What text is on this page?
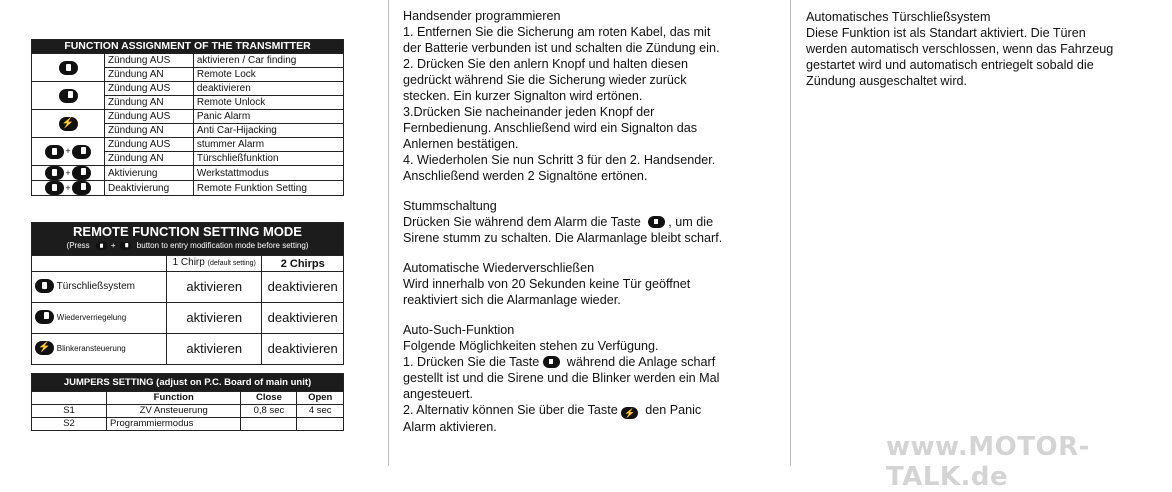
FUNCTION ASSIGNMENT OF THE TRANSMITTER		
	Zündung AUS	aktivieren / Car finding
	Zündung AN	Remote Lock
	Zündung AUS	deaktivieren
	Zündung AN	Remote Unlock
⚡	Zündung AUS	Panic Alarm
	Zündung AN	Anti Car-Hijacking
+	Zündung AUS	stummer Alarm
	Zündung AN	Türschließfunktion
+	Aktivierung	Werkstattmodus
+	Deaktivierung	Remote Funktion Setting
REMOTE FUNCTION SETTING MODE
(Press + button to entry modification mode before setting)		

	1 Chirp (default setting)	2 Chirps
Türschließsystem	aktivieren	deaktivieren
Wiederverriegelung	aktivieren	deaktivieren
⚡ Blinkeransteuerung	aktivieren	deaktivieren
JUMPERS SETTING (adjust on P.C. Board of main unit)			
	Function	Close	Open
S1	ZV Ansteuerung	0,8 sec	4 sec
S2	Programmiermodus		
Handsender programmieren

1. Entfernen Sie die Sicherung am roten Kabel, das mit

der Batterie verbunden ist und schalten die Zündung ein.

2. Drücken Sie den anlern Knopf und halten diesen

gedrückt während Sie die Sicherung wieder zurück

stecken. Ein kurzer Signalton wird ertönen.

3.Drücken Sie nacheinander jeden Knopf der

Fernbedienung. Anschließend wird ein Signalton das

Anlernen bestätigen.

4. Wiederholen Sie nun Schritt 3 für den 2. Handsender.

Anschließend werden 2 Signaltöne ertönen.

Stummschaltung

Drücken Sie während dem Alarm die Taste , um die

Sirene stumm zu schalten. Die Alarmanlage bleibt scharf.

Automatische Wiederverschließen

Wird innerhalb von 20 Sekunden keine Tür geöffnet

reaktiviert sich die Alarmanlage wieder.

Auto-Such-Funktion

Folgende Möglichkeiten stehen zu Verfügung.

1. Drücken Sie die Taste während die Anlage scharf

gestellt ist und die Sirene und die Blinker werden ein Mal

angesteuert.

2. Alternativ können Sie über die Taste ⚡ den Panic

Alarm aktivieren.

Automatisches Türschließsystem

Diese Funktion ist als Standart aktiviert. Die Türen

werden automatisch verschlossen, wenn das Fahrzeug

gestartet wird und automatisch entriegelt sobald die

Zündung ausgeschaltet wird.

www.MOTOR-TALK.de
